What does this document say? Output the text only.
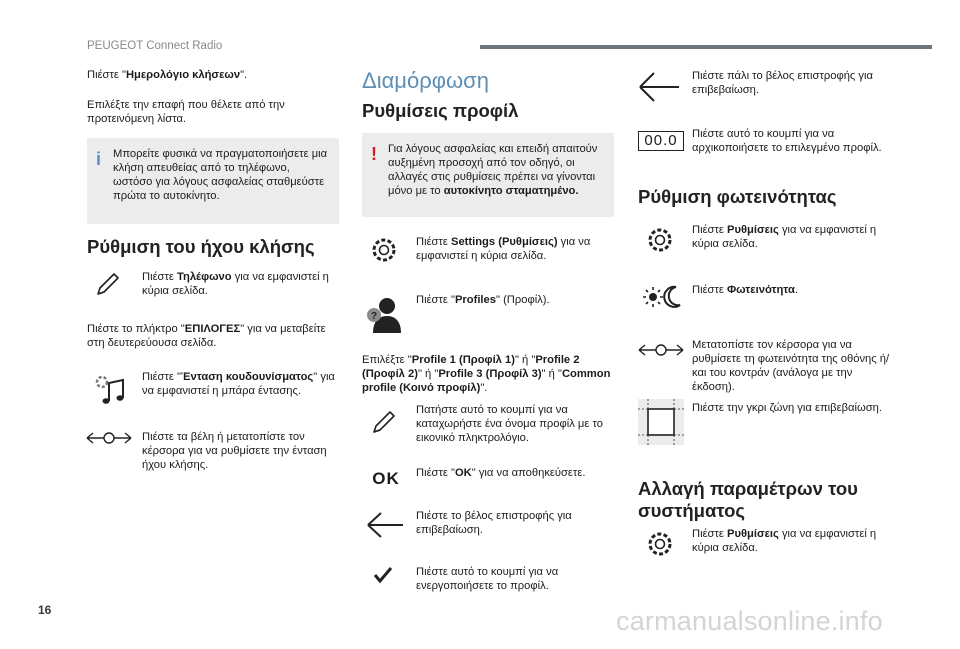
PEUGEOT Connect Radio

Πιέστε "Ημερολόγιο κλήσεων".

Επιλέξτε την επαφή που θέλετε από την προτεινόμενη λίστα.

i Μπορείτε φυσικά να πραγματοποιήσετε μια κλήση απευθείας από το τηλέφωνο, ωστόσο για λόγους ασφαλείας σταθμεύστε πρώτα το αυτοκίνητο.

Ρύθμιση του ήχου κλήσης

Πιέστε Τηλέφωνο για να εμφανιστεί η κύρια σελίδα.

Πιέστε το πλήκτρο "ΕΠΙΛΟΓΕΣ" για να μεταβείτε στη δευτερεύουσα σελίδα.

Πιέστε "Ένταση κουδουνίσματος" για να εμφανιστεί η μπάρα έντασης.

Πιέστε τα βέλη ή μετατοπίστε τον κέρσορα για να ρυθμίσετε την ένταση ήχου κλήσης.

Διαμόρφωση
Ρυθμίσεις προφίλ
! Για λόγους ασφαλείας και επειδή απαιτούν αυξημένη προσοχή από τον οδηγό, οι αλλαγές στις ρυθμίσεις πρέπει να γίνονται μόνο με το αυτοκίνητο σταματημένο.

Πιέστε Settings (Ρυθμίσεις) για να εμφανιστεί η κύρια σελίδα.

?

Πιέστε "Profiles" (Προφίλ).

Επιλέξτε "Profile 1 (Προφίλ 1)" ή "Profile 2 (Προφίλ 2)" ή "Profile 3 (Προφίλ 3)" ή "Common profile (Κοινό προφίλ)".

Πατήστε αυτό το κουμπί για να καταχωρήστε ένα όνομα προφίλ με το εικονικό πληκτρολόγιο.

OK	Πιέστε "OK" για να αποθηκεύσετε.

Πιέστε το βέλος επιστροφής για επιβεβαίωση.

Πιέστε αυτό το κουμπί για να ενεργοποιήσετε το προφίλ.

Πιέστε πάλι το βέλος επιστροφής για επιβεβαίωση.

00.0	Πιέστε αυτό το κουμπί για να αρχικοποιήσετε το επιλεγμένο προφίλ.

Ρύθμιση φωτεινότητας

Πιέστε Ρυθμίσεις για να εμφανιστεί η κύρια σελίδα.

Πιέστε Φωτεινότητα.

Μετατοπίστε τον κέρσορα για να ρυθμίσετε τη φωτεινότητα της οθόνης ή/και του κοντράν (ανάλογα με την έκδοση).

Πιέστε την γκρι ζώνη για επιβεβαίωση.

Αλλαγή παραμέτρων του συστήματος

Πιέστε Ρυθμίσεις για να εμφανιστεί η κύρια σελίδα.

16	carmanualsonline.info
